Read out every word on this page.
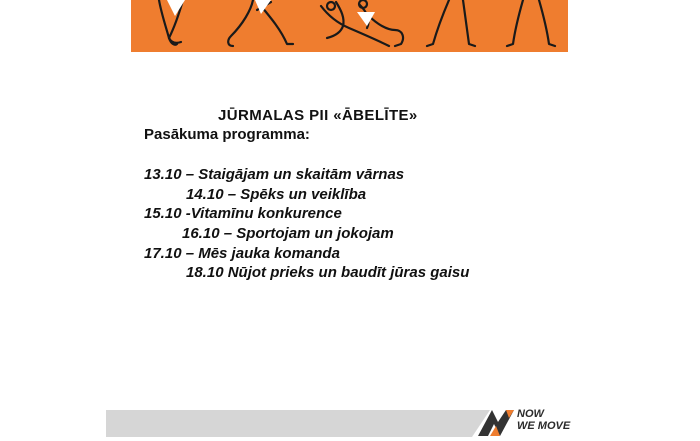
JŪRMALAS PII «ĀBELĪTE»
Pasākuma programma:
13.10 – Staigājam un skaitām vārnas
14.10 – Spēks un veiklība
15.10 -Vitamīnu konkurence
16.10 – Sportojam un jokojam
17.10 – Mēs jauka komanda
18.10 Nūjot prieks un baudīt jūras gaisu
NOW
WE MOVE
